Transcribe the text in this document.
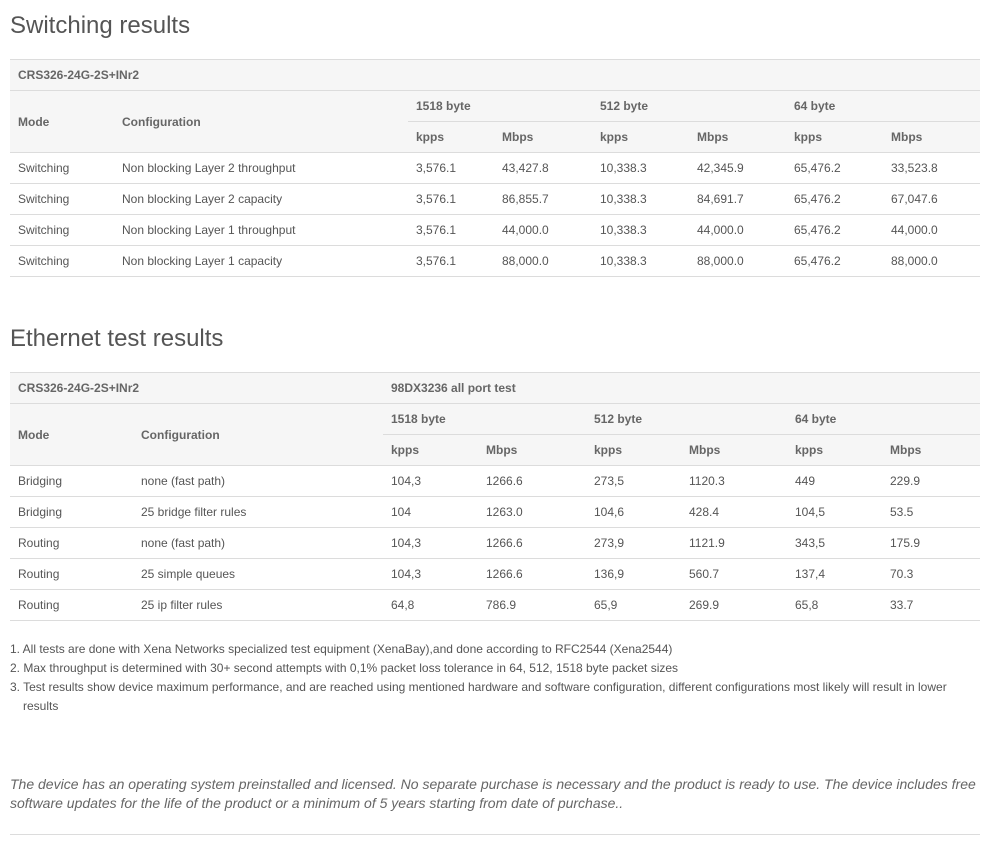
Switching results
CRS326-24G-2S+INr2							
Mode	Configuration	1518 byte		512 byte		64 byte	
		kpps	Mbps	kpps	Mbps	kpps	Mbps
Switching	Non blocking Layer 2 throughput	3,576.1	43,427.8	10,338.3	42,345.9	65,476.2	33,523.8
Switching	Non blocking Layer 2 capacity	3,576.1	86,855.7	10,338.3	84,691.7	65,476.2	67,047.6
Switching	Non blocking Layer 1 throughput	3,576.1	44,000.0	10,338.3	44,000.0	65,476.2	44,000.0
Switching	Non blocking Layer 1 capacity	3,576.1	88,000.0	10,338.3	88,000.0	65,476.2	88,000.0
Ethernet test results
CRS326-24G-2S+INr2		98DX3236 all port test					
Mode	Configuration	1518 byte		512 byte		64 byte	
		kpps	Mbps	kpps	Mbps	kpps	Mbps
Bridging	none (fast path)	104,3	1266.6	273,5	1120.3	449	229.9
Bridging	25 bridge filter rules	104	1263.0	104,6	428.4	104,5	53.5
Routing	none (fast path)	104,3	1266.6	273,9	1121.9	343,5	175.9
Routing	25 simple queues	104,3	1266.6	136,9	560.7	137,4	70.3
Routing	25 ip filter rules	64,8	786.9	65,9	269.9	65,8	33.7
1. All tests are done with Xena Networks specialized test equipment (XenaBay),and done according to RFC2544 (Xena2544)
2. Max throughput is determined with 30+ second attempts with 0,1% packet loss tolerance in 64, 512, 1518 byte packet sizes
3. Test results show device maximum performance, and are reached using mentioned hardware and software configuration, different configurations most likely will result in lower results

The device has an operating system preinstalled and licensed. No separate purchase is necessary and the product is ready to use. The device includes free software updates for the life of the product or a minimum of 5 years starting from date of purchase..
